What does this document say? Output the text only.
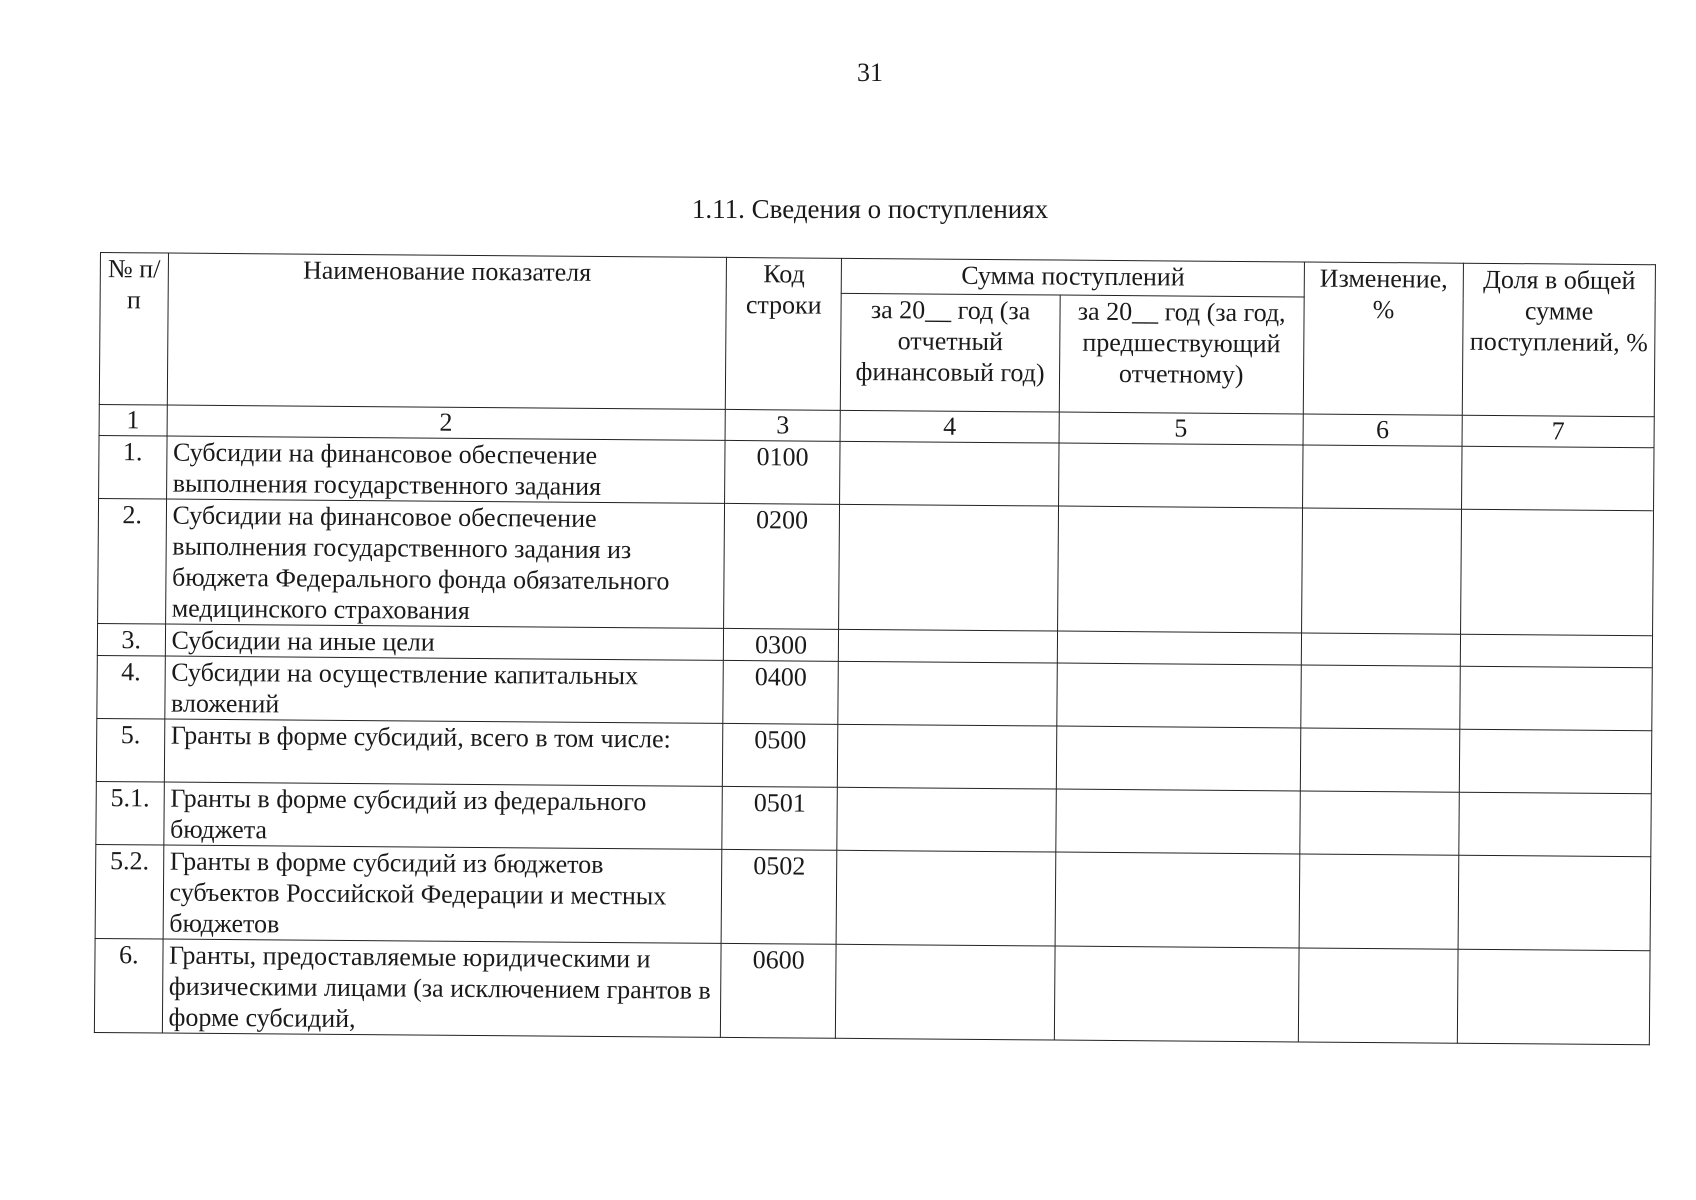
31
1.11. Сведения о поступлениях
№ п/п	Наименование показателя	Код строки	Сумма поступлений		Изменение, %	Доля в общей сумме поступлений, %
			за 20__ год (за отчетный финансовый год)	за 20__ год (за год, предшествующий отчетному)		
1	2	3	4	5	6	7
1.	Субсидии на финансовое обеспечение выполнения государственного задания	0100				
2.	Субсидии на финансовое обеспечение выполнения государственного задания из бюджета Федерального фонда обязательного медицинского страхования	0200				
3.	Субсидии на иные цели	0300				
4.	Субсидии на осуществление капитальных вложений	0400				
5.	Гранты в форме субсидий, всего в том числе:	0500				
5.1.	Гранты в форме субсидий из федерального бюджета	0501				
5.2.	Гранты в форме субсидий из бюджетов субъектов Российской Федерации и местных бюджетов	0502				
6.	Гранты, предоставляемые юридическими и физическими лицами (за исключением грантов в форме субсидий,	0600				
